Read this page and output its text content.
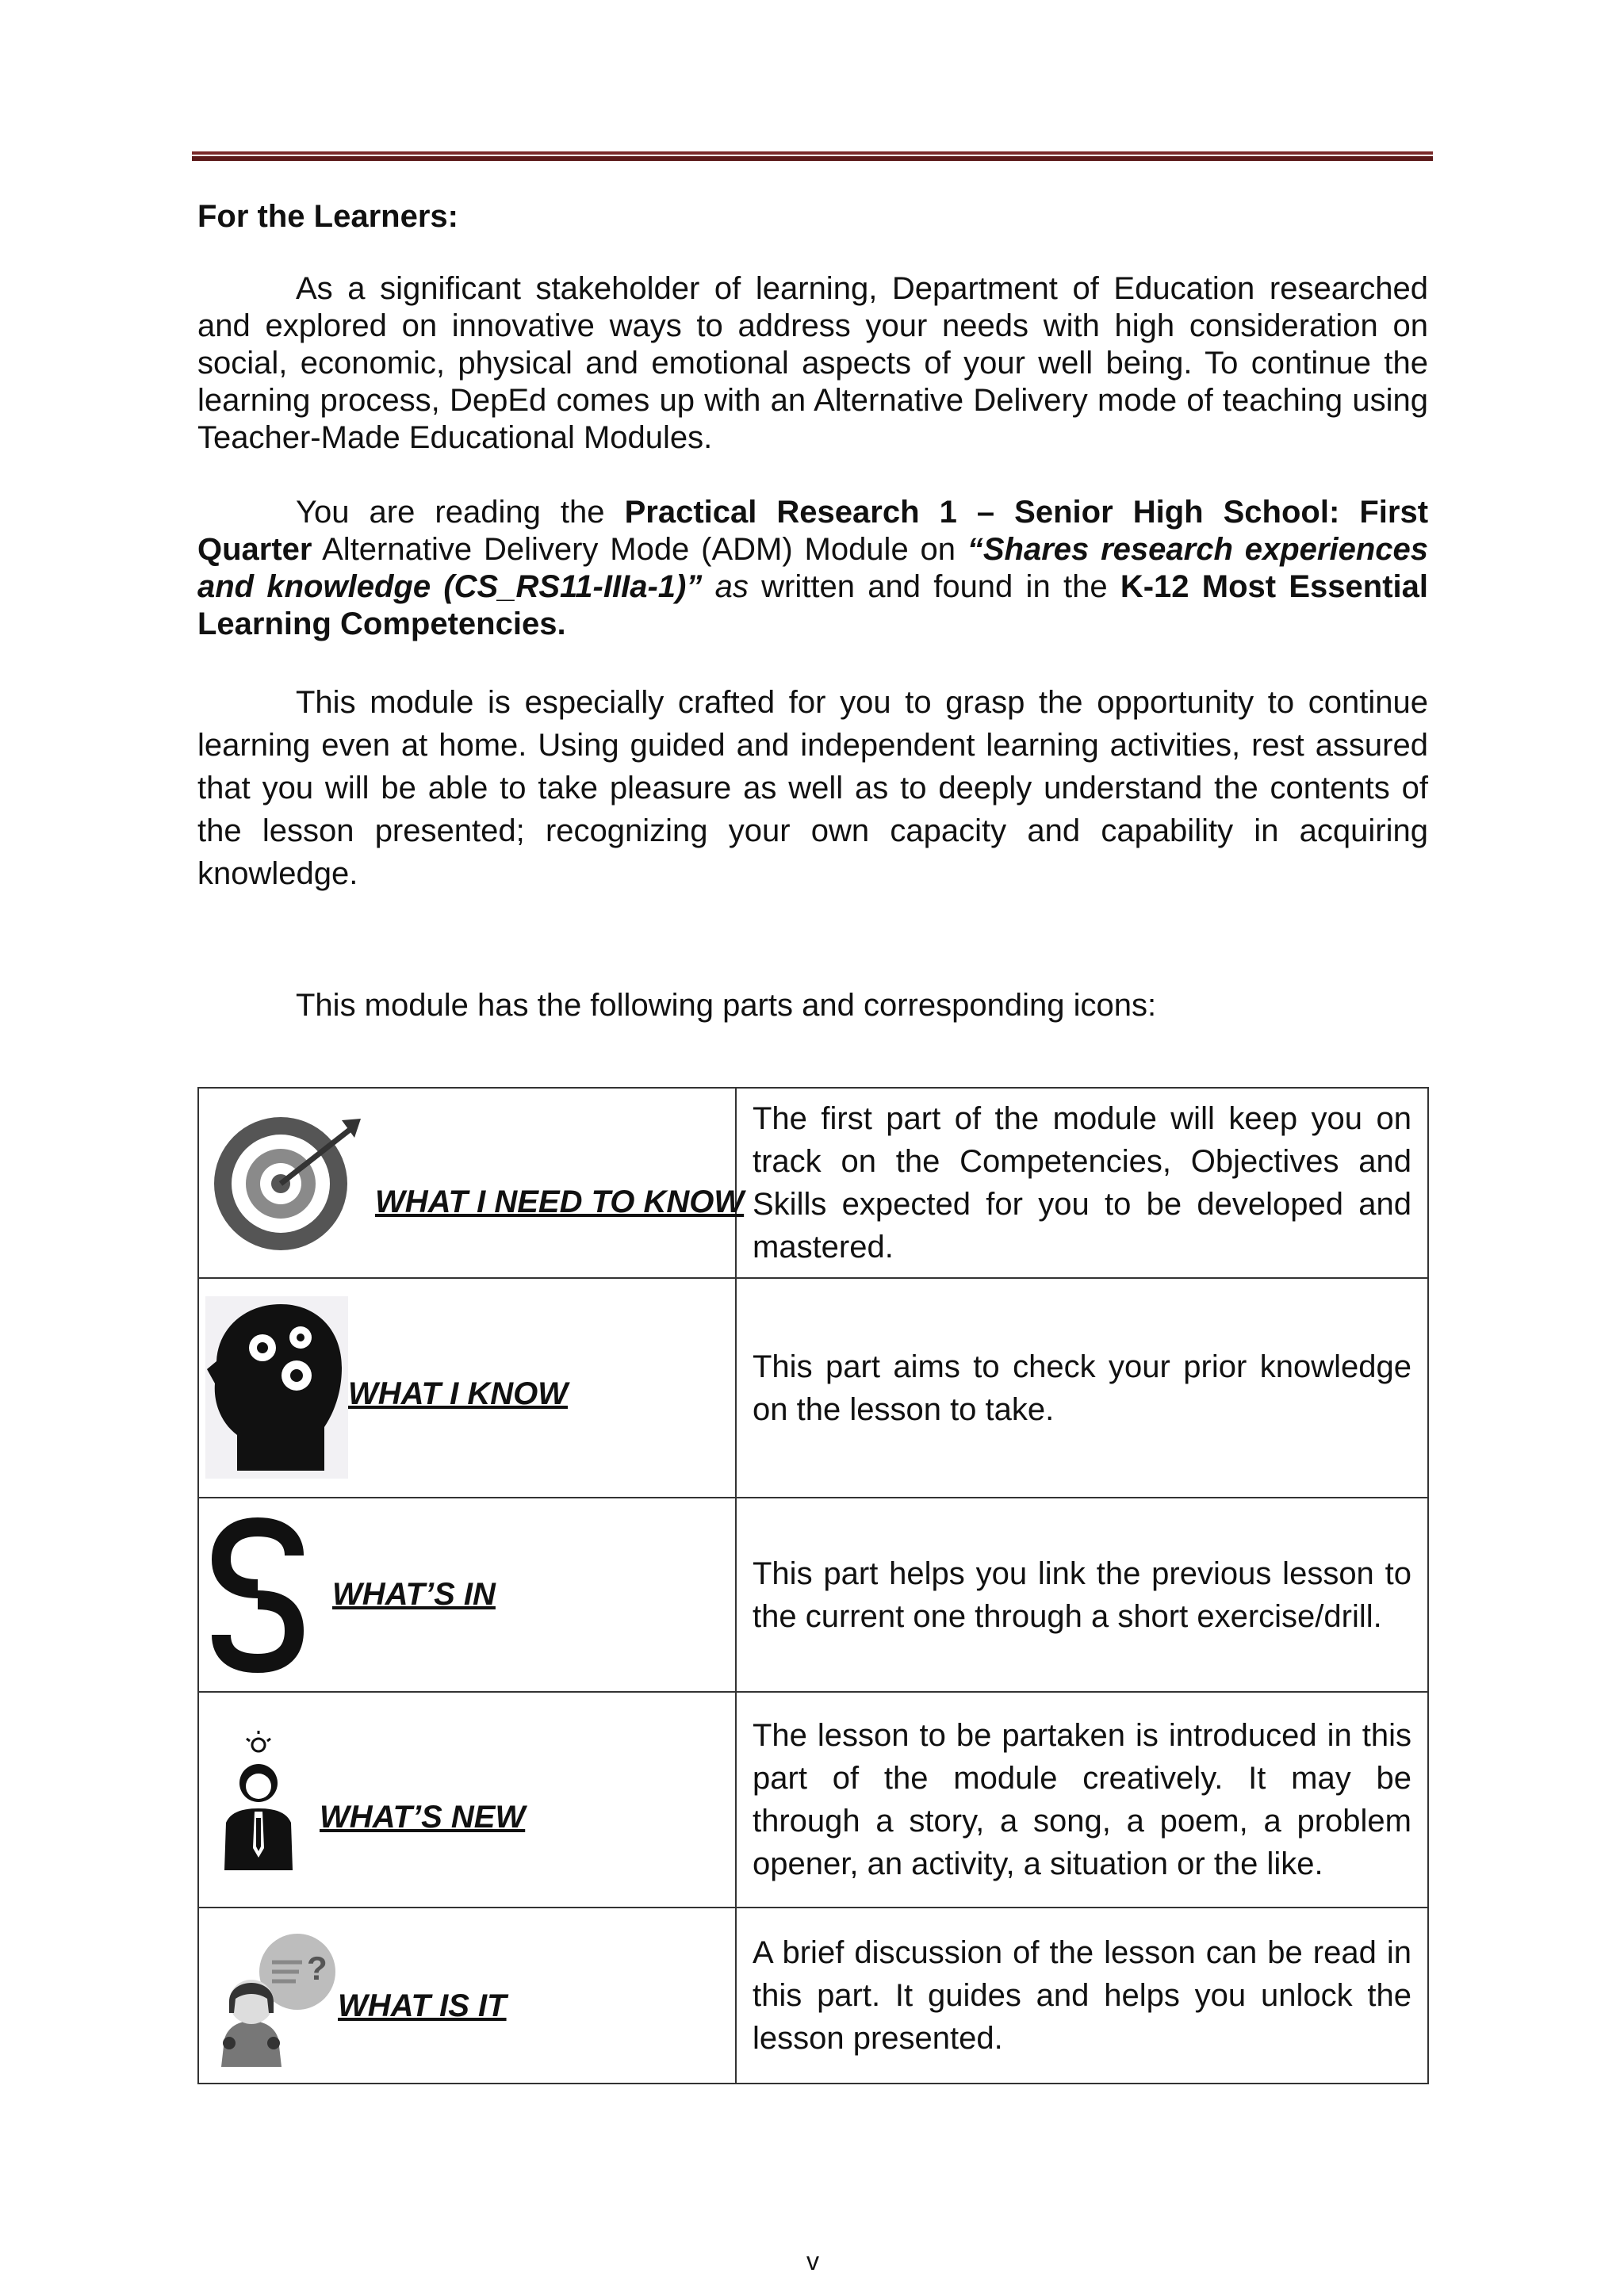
For the Learners:

As a significant stakeholder of learning, Department of Education researched and explored on innovative ways to address your needs with high consideration on social, economic, physical and emotional aspects of your well being. To continue the learning process, DepEd comes up with an Alternative Delivery mode of teaching using Teacher-Made Educational Modules.

You are reading the Practical Research 1 – Senior High School: First Quarter Alternative Delivery Mode (ADM) Module on “Shares research experiences and knowledge (CS_RS11-IIIa-1)” as written and found in the K-12 Most Essential Learning Competencies.

This module is especially crafted for you to grasp the opportunity to continue learning even at home. Using guided and independent learning activities, rest assured that you will be able to take pleasure as well as to deeply understand the contents of the lesson presented; recognizing your own capacity and capability in acquiring knowledge.

This module has the following parts and corresponding icons:

WHAT I NEED TO KNOW	The first part of the module will keep you on track on the Competencies, Objectives and Skills expected for you to be developed and mastered.

WHAT I KNOW	This part aims to check your prior knowledge on the lesson to take.

WHAT’S IN	This part helps you link the previous lesson to the current one through a short exercise/drill.

WHAT’S NEW	The lesson to be partaken is introduced in this part of the module creatively. It may be through a story, a song, a poem, a problem opener, an activity, a situation or the like.

?
WHAT IS IT	A brief discussion of the lesson can be read in this part. It guides and helps you unlock the lesson presented.
v
